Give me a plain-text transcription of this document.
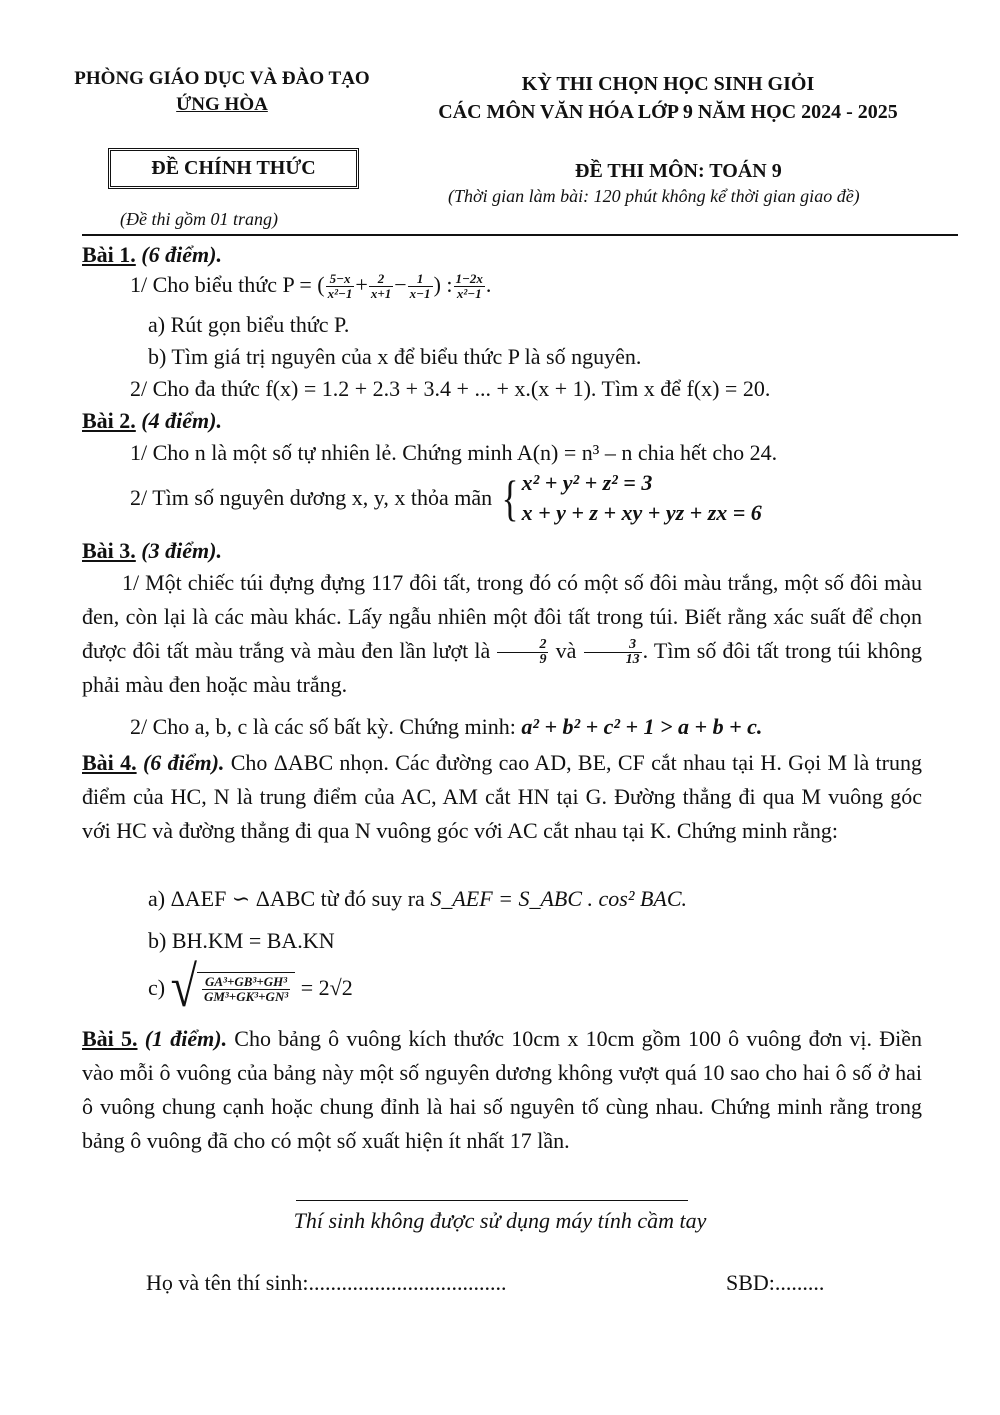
PHÒNG GIÁO DỤC VÀ ĐÀO TẠO
ỨNG HÒA
KỲ THI CHỌN HỌC SINH GIỎI
CÁC MÔN VĂN HÓA LỚP 9 NĂM HỌC 2024 - 2025
ĐỀ CHÍNH THỨC
(Đề thi gồm 01 trang)
ĐỀ THI MÔN: TOÁN 9
(Thời gian làm bài: 120 phút không kể thời gian giao đề)
Bài 1. (6 điểm).
1/ Cho biểu thức P = ( $\frac{5-x}{\text{x²−1}} + \frac{2}{x+1} - \frac{1}{x-1}$ ) : $\frac{1-2x}{\text{x²−1}}$ .
a) Rút gọn biểu thức P.
b) Tìm giá trị nguyên của x để biểu thức P là số nguyên.
2/ Cho đa thức f(x) = 1.2 + 2.3 + 3.4 + ... + x.(x + 1). Tìm x để f(x) = 20.
Bài 2. (4 điểm).
1/ Cho n là một số tự nhiên lẻ. Chứng minh A(n) = n³ – n chia hết cho 24.
2/ Tìm số nguyên dương x, y, x thỏa mãn { x² + y² + z² = 3
x + y + z + xy + yz + zx = 6
Bài 3. (3 điểm).
1/ Một chiếc túi đựng đựng 117 đôi tất, trong đó có một số đôi màu trắng, một số đôi màu đen, còn lại là các màu khác. Lấy ngẫu nhiên một đôi tất trong túi. Biết rằng xác suất để chọn được đôi tất màu trắng và màu đen lần lượt là $\frac{2}{9}$ và $\frac{3}{13}$ . Tìm số đôi tất trong túi không phải màu đen hoặc màu trắng.
2/ Cho a, b, c là các số bất kỳ. Chứng minh: a² + b² + c² + 1 > a + b + c.
Bài 4. (6 điểm). Cho ΔABC nhọn. Các đường cao AD, BE, CF cắt nhau tại H. Gọi M là trung điểm của HC, N là trung điểm của AC, AM cắt HN tại G. Đường thẳng đi qua M vuông góc với HC và đường thẳng đi qua N vuông góc với AC cắt nhau tại K. Chứng minh rằng:
a) ΔAEF ∽ ΔABC từ đó suy ra S_AEF = S_ABC . cos² BAC.
b) BH.KM = BA.KN
c) √ $\frac{\text{GA³+GB³+GH³}}{\text{GM³+GK³+GN³}} = 2√2$
Bài 5. (1 điểm). Cho bảng ô vuông kích thước 10cm x 10cm gồm 100 ô vuông đơn vị. Điền vào mỗi ô vuông của bảng này một số nguyên dương không vượt quá 10 sao cho hai ô số ở hai ô vuông chung cạnh hoặc chung đỉnh là hai số nguyên tố cùng nhau. Chứng minh rằng trong bảng ô vuông đã cho có một số xuất hiện ít nhất 17 lần.
Thí sinh không được sử dụng máy tính cầm tay
Họ và tên thí sinh:....................................	SBD:.........
